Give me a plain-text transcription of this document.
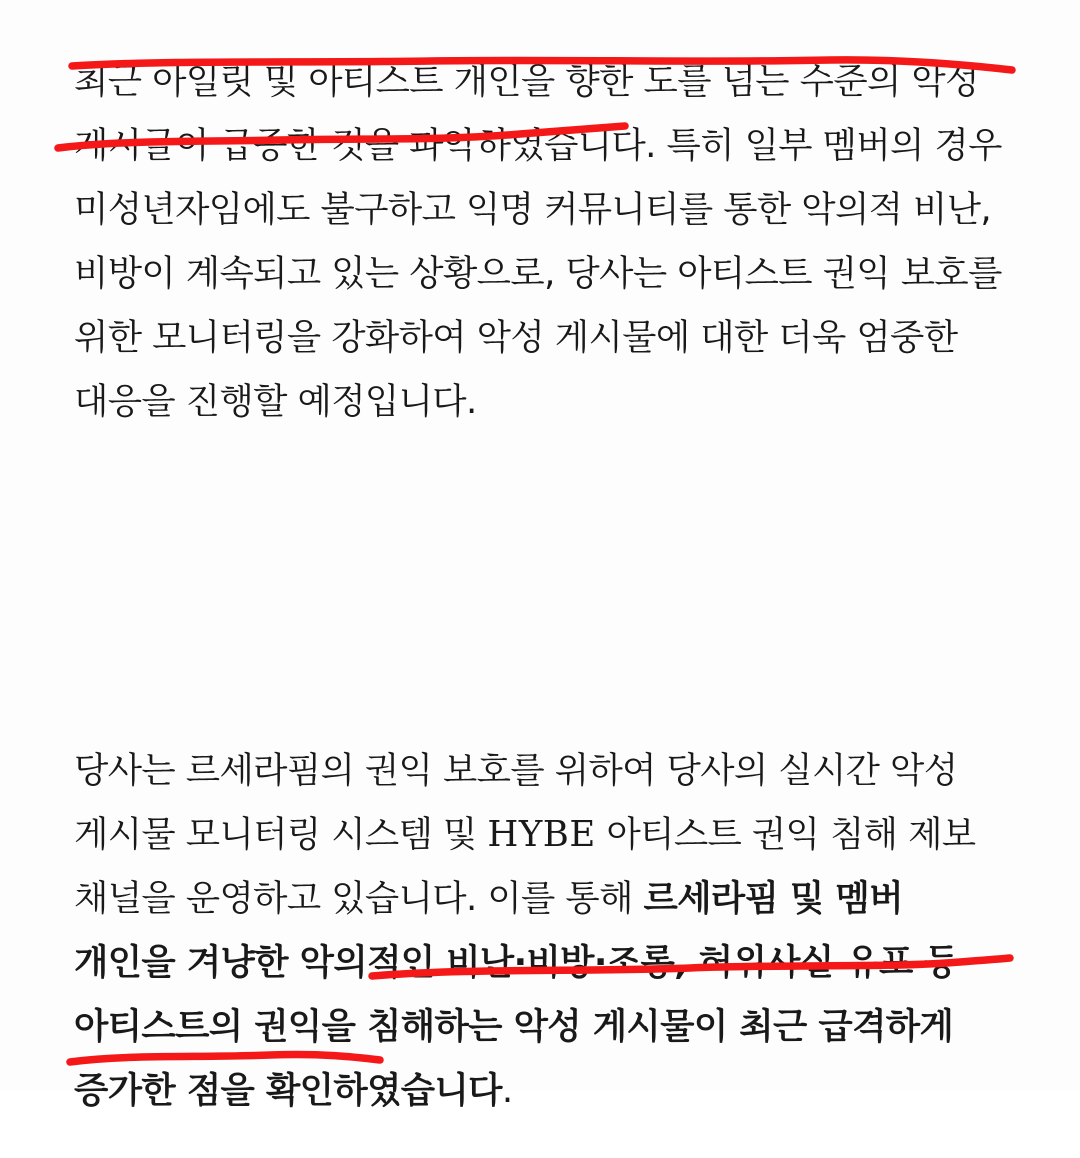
최근 아일릿 및 아티스트 개인을 향한 도를 넘는 수준의 악성 게시글이 급증한 것을 파악하였습니다. 특히 일부 멤버의 경우 미성년자임에도 불구하고 익명 커뮤니티를 통한 악의적 비난, 비방이 계속되고 있는 상황으로, 당사는 아티스트 권익 보호를 위한 모니터링을 강화하여 악성 게시물에 대한 더욱 엄중한 대응을 진행할 예정입니다.

당사는 르세라핌의 권익 보호를 위하여 당사의 실시간 악성 게시물 모니터링 시스템 및 HYBE 아티스트 권익 침해 제보 채널을 운영하고 있습니다. 이를 통해 르세라핌 및 멤버 개인을 겨냥한 악의적인 비난·비방·조롱, 허위사실 유포 등 아티스트의 권익을 침해하는 악성 게시물이 최근 급격하게 증가한 점을 확인하였습니다.
